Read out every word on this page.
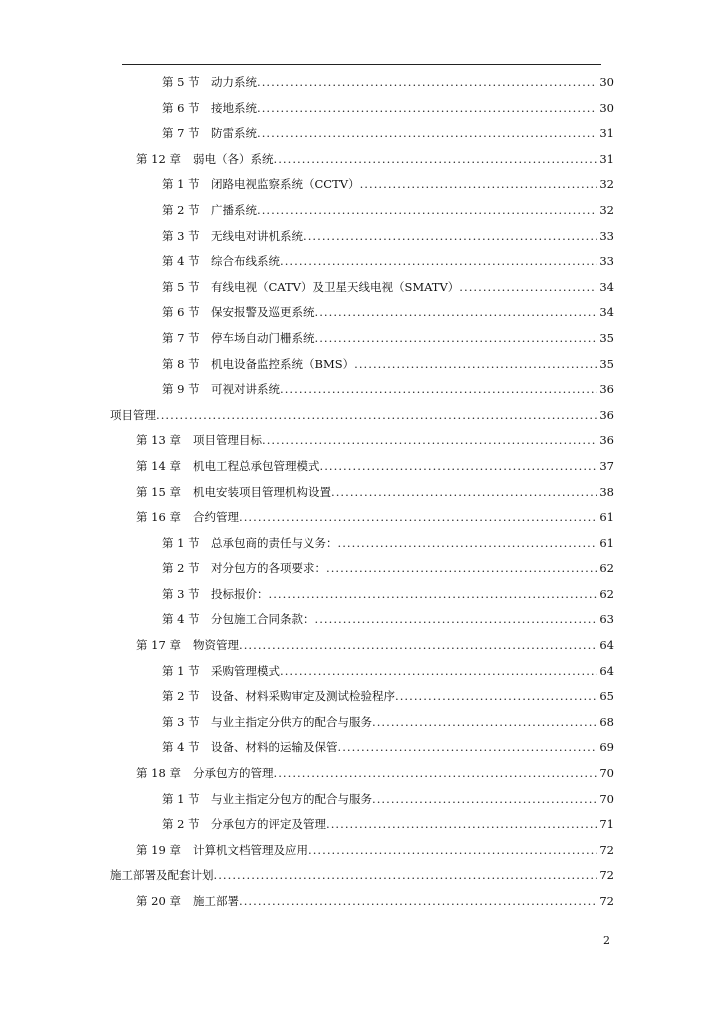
第 5 节 动力系统 . . .	30
第 6 节 接地系统 . . .	30
第 7 节 防雷系统 . . .	31
第 12 章	弱电（各）系统 . . .	31
第 1 节 闭路电视监察系统（CCTV） . . .	32
第 2 节 广播系统 . . .	32
第 3 节 无线电对讲机系统 . . .	33
第 4 节 综合布线系统 . . .	33
第 5 节 有线电视（CATV）及卫星天线电视（SMATV） . . .	34
第 6 节 保安报警及巡更系统 . . .	34
第 7 节 停车场自动门栅系统 . . .	35
第 8 节 机电设备监控系统（BMS） . . .	35
第 9 节 可视对讲系统 . . .	36
项目管理 . . .	36
第 13 章	项目管理目标 . . .	36
第 14 章	机电工程总承包管理模式 . . .	37
第 15 章	机电安装项目管理机构设置 . . .	38
第 16 章	合约管理 . . .	61
第 1 节 总承包商的责任与义务： . . .	61
第 2 节 对分包方的各项要求： . . .	62
第 3 节 投标报价： . . .	62
第 4 节 分包施工合同条款： . . .	63
第 17 章	物资管理 . . .	64
第 1 节 采购管理模式 . . .	64
第 2 节 设备、材料采购审定及测试检验程序 . . .	65
第 3 节 与业主指定分供方的配合与服务 . . .	68
第 4 节 设备、材料的运输及保管 . . .	69
第 18 章	分承包方的管理 . . .	70
第 1 节 与业主指定分包方的配合与服务 . . .	70
第 2 节 分承包方的评定及管理 . . .	71
第 19 章	计算机文档管理及应用 . . .	72
施工部署及配套计划 . . .	72
第 20 章	施工部署 . . .	72
2
